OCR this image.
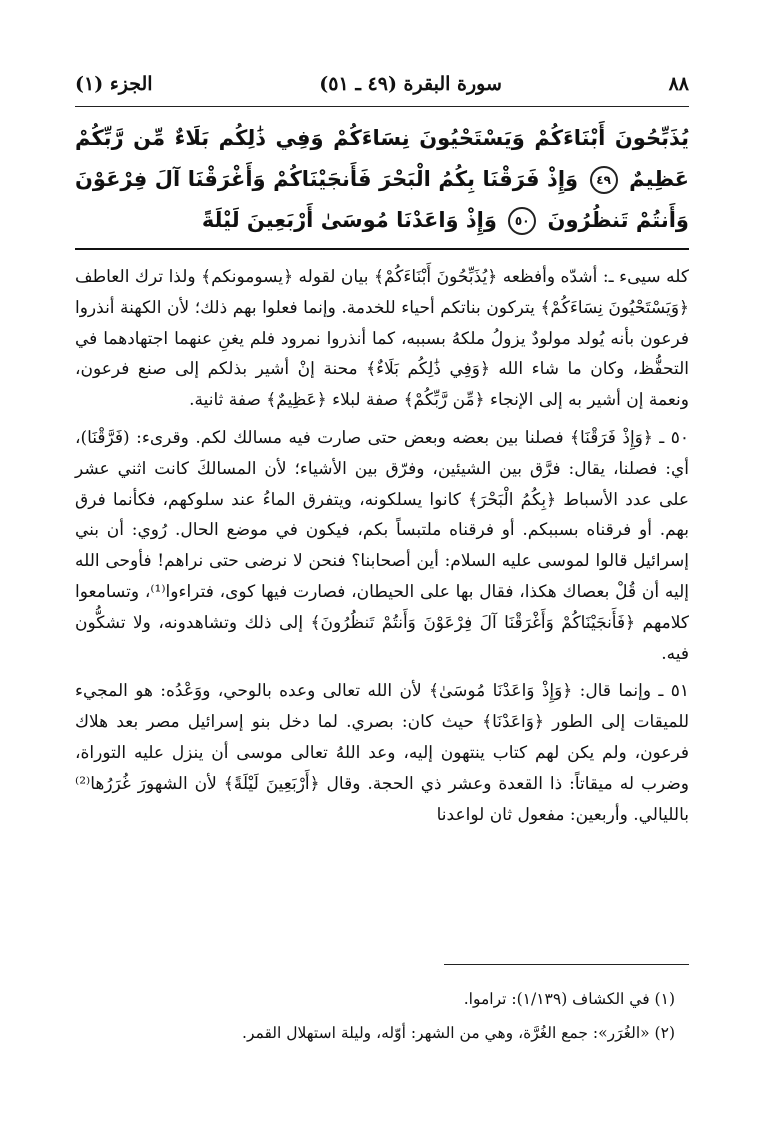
٨٨
سورة البقرة (٤٩ ـ ٥١)
الجزء (١)
يُذَبِّحُونَ أَبْنَاءَكُمْ وَيَسْتَحْيُونَ نِسَاءَكُمْ وَفِي ذَٰلِكُم بَلَاءٌ مِّن رَّبِّكُمْ عَظِيمٌ ٤٩ وَإِذْ فَرَقْنَا بِكُمُ الْبَحْرَ فَأَنجَيْنَاكُمْ وَأَغْرَقْنَا آلَ فِرْعَوْنَ وَأَنتُمْ تَنظُرُونَ ٥٠ وَإِذْ وَاعَدْنَا مُوسَىٰ أَرْبَعِينَ لَيْلَةً

كله سيىء ـ: أشدّه وأفظعه ﴿يُذَبِّحُونَ أَبْنَاءَكُمْ﴾ بيان لقوله ﴿يسومونكم﴾ ولذا ترك العاطف ﴿وَيَسْتَحْيُونَ نِسَاءَكُمْ﴾ يتركون بناتكم أحياء للخدمة. وإنما فعلوا بهم ذلك؛ لأن الكهنة أنذروا فرعون بأنه يُولد مولودٌ يزولُ ملكهُ بسببه، كما أنذروا نمرود فلم يغنِ عنهما اجتهادهما في التحفُّظ، وكان ما شاء الله ﴿وَفِي ذَٰلِكُم بَلَاءٌ﴾ محنة إنْ أشير بذلكم إلى صنع فرعون، ونعمة إن أشير به إلى الإنجاء ﴿مِّن رَّبِّكُمْ﴾ صفة لبلاء ﴿عَظِيمٌ﴾ صفة ثانية.

٥٠ ـ ﴿وَإِذْ فَرَقْنَا﴾ فصلنا بين بعضه وبعض حتى صارت فيه مسالك لكم. وقرىء: (فَرَّقْنَا)، أي: فصلنا، يقال: فرَّق بين الشيئين، وفرّق بين الأشياء؛ لأن المسالكَ كانت اثني عشر على عدد الأسباط ﴿بِكُمُ الْبَحْرَ﴾ كانوا يسلكونه، ويتفرق الماءُ عند سلوكهم، فكأنما فرق بهم. أو فرقناه بسببكم. أو فرقناه ملتبساً بكم، فيكون في موضع الحال. رُوي: أن بني إسرائيل قالوا لموسى عليه السلام: أين أصحابنا؟ فنحن لا نرضى حتى نراهم! فأوحى الله إليه أن قُلْ بعصاك هكذا، فقال بها على الحيطان، فصارت فيها كوى، فتراءوا⁽¹⁾، وتسامعوا كلامهم ﴿فَأَنجَيْنَاكُمْ وَأَغْرَقْنَا آلَ فِرْعَوْنَ وَأَنتُمْ تَنظُرُونَ﴾ إلى ذلك وتشاهدونه، ولا تشكُّون فيه.

٥١ ـ وإنما قال: ﴿وَإِذْ وَاعَدْنَا مُوسَىٰ﴾ لأن الله تعالى وعده بالوحي، ووَعْدُه: هو المجيء للميقات إلى الطور ﴿وَاعَدْنَا﴾ حيث كان: بصري. لما دخل بنو إسرائيل مصر بعد هلاك فرعون، ولم يكن لهم كتاب ينتهون إليه، وعد اللهُ تعالى موسى أن ينزل عليه التوراة، وضرب له ميقاتاً: ذا القعدة وعشر ذي الحجة. وقال ﴿أَرْبَعِينَ لَيْلَةً﴾ لأن الشهورَ غُرَرُها⁽²⁾ بالليالي. وأربعين: مفعول ثان لواعدنا

(١) في الكشاف (١/١٣٩): تراموا.

(٢) «الغُرَر»: جمع الغُرَّة، وهي من الشهر: أوّله، وليلة استهلال القمر.
